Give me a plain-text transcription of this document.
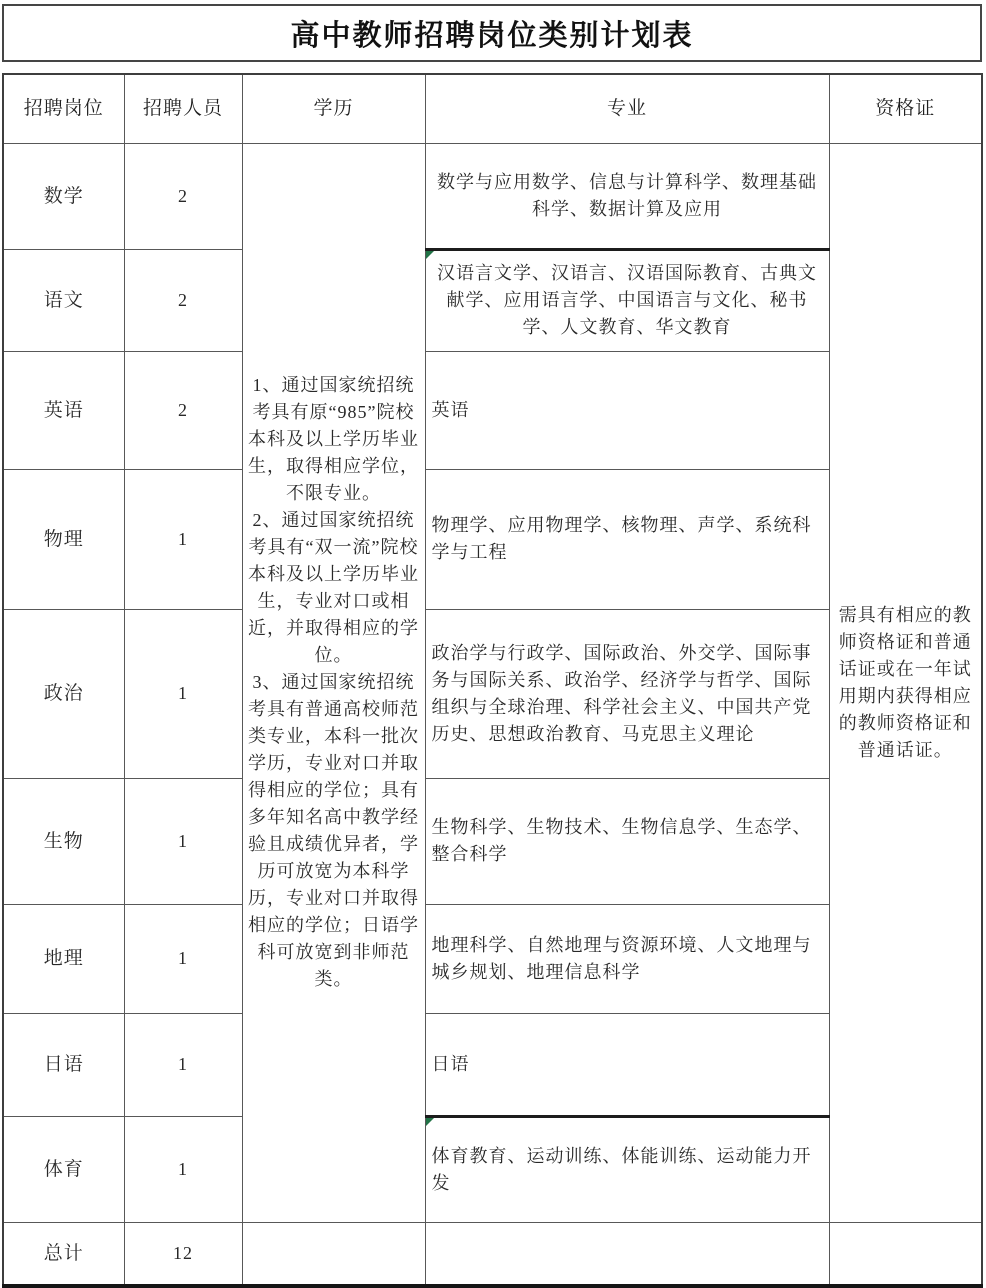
高中教师招聘岗位类别计划表
招聘岗位	招聘人员	学历	专业	资格证
数学	2	1、通过国家统招统考具有原“985”院校本科及以上学历毕业生，取得相应学位，不限专业。

2、通过国家统招统考具有“双一流”院校本科及以上学历毕业生，专业对口或相近，并取得相应的学位。

3、通过国家统招统考具有普通高校师范类专业，本科一批次学历，专业对口并取得相应的学位；具有多年知名高中教学经验且成绩优异者，学历可放宽为本科学历，专业对口并取得相应的学位；日语学科可放宽到非师范类。	数学与应用数学、信息与计算科学、数理基础科学、数据计算及应用	需具有相应的教师资格证和普通话证或在一年试用期内获得相应的教师资格证和普通话证。
语文	2		汉语言文学、汉语言、汉语国际教育、古典文献学、应用语言学、中国语言与文化、秘书学、人文教育、华文教育	
英语	2		英语	
物理	1		物理学、应用物理学、核物理、声学、系统科学与工程	
政治	1		政治学与行政学、国际政治、外交学、国际事务与国际关系、政治学、经济学与哲学、国际组织与全球治理、科学社会主义、中国共产党历史、思想政治教育、马克思主义理论	
生物	1		生物科学、生物技术、生物信息学、生态学、整合科学	
地理	1		地理科学、自然地理与资源环境、人文地理与城乡规划、地理信息科学	
日语	1		日语	
体育	1		体育教育、运动训练、体能训练、运动能力开发	
总计	12			
